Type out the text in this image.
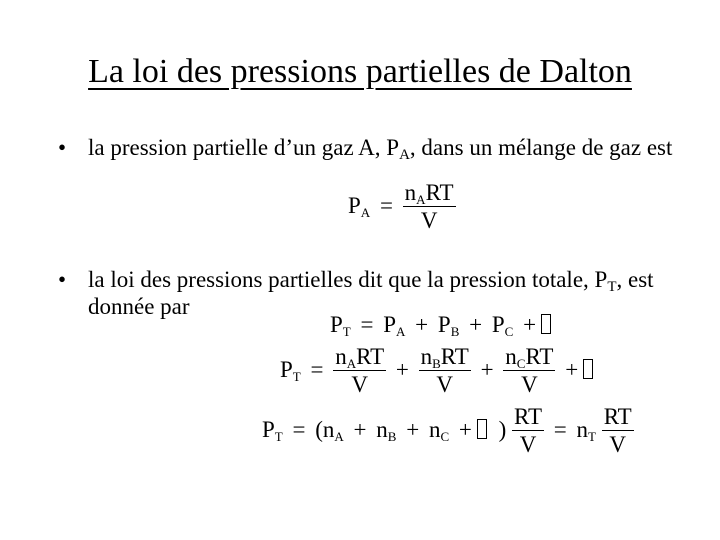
La loi des pressions partielles de Dalton
• la pression partielle d’un gaz A, $P_A$, dans un mélange de gaz est
$P_A = \frac{n_ART}{V}$
• la loi des pressions partielles dit que la pression totale, $P_T$, est donnée par
$P_T = P_A + P_B + P_C$ +
$P_T = \frac{n_ART}{V} + \frac{n_BRT}{V} + \frac{n_CRT}{V}$ +
$P_T = (n_A + n_B + n_C$ + ) $\frac{RT}{V} = n_T \frac{RT}{V}$
